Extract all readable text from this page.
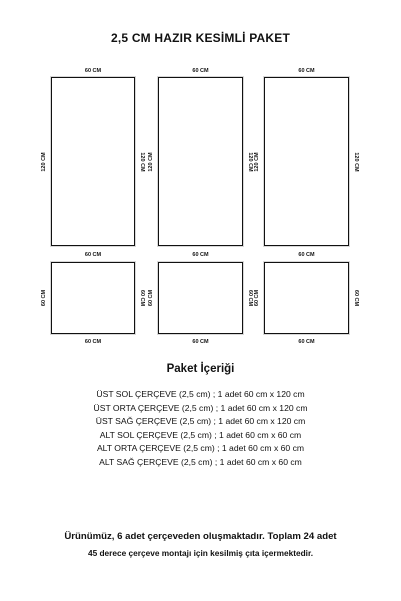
2,5 CM HAZIR KESİMLİ PAKET
60 CM	60 CM	60 CM
60 CM	60 CM	60 CM
120 CM	120 CM 120 CM	120 CM 120 CM	120 CM
60 CM	60 CM	60 CM
60 CM	60 CM 60 CM	60 CM 60 CM	60 CM
Paket İçeriği
ÜST SOL ÇERÇEVE (2,5 cm) ; 1 adet 60 cm x 120 cm
ÜST ORTA ÇERÇEVE (2,5 cm) ; 1 adet 60 cm x 120 cm
ÜST SAĞ ÇERÇEVE (2,5 cm) ; 1 adet 60 cm x 120 cm
ALT SOL ÇERÇEVE (2,5 cm) ; 1 adet 60 cm x 60 cm
ALT ORTA ÇERÇEVE (2,5 cm) ; 1 adet 60 cm x 60 cm
ALT SAĞ ÇERÇEVE (2,5 cm) ; 1 adet 60 cm x 60 cm
Ürünümüz, 6 adet çerçeveden oluşmaktadır. Toplam 24 adet
45 derece çerçeve montajı için kesilmiş çıta içermektedir.
